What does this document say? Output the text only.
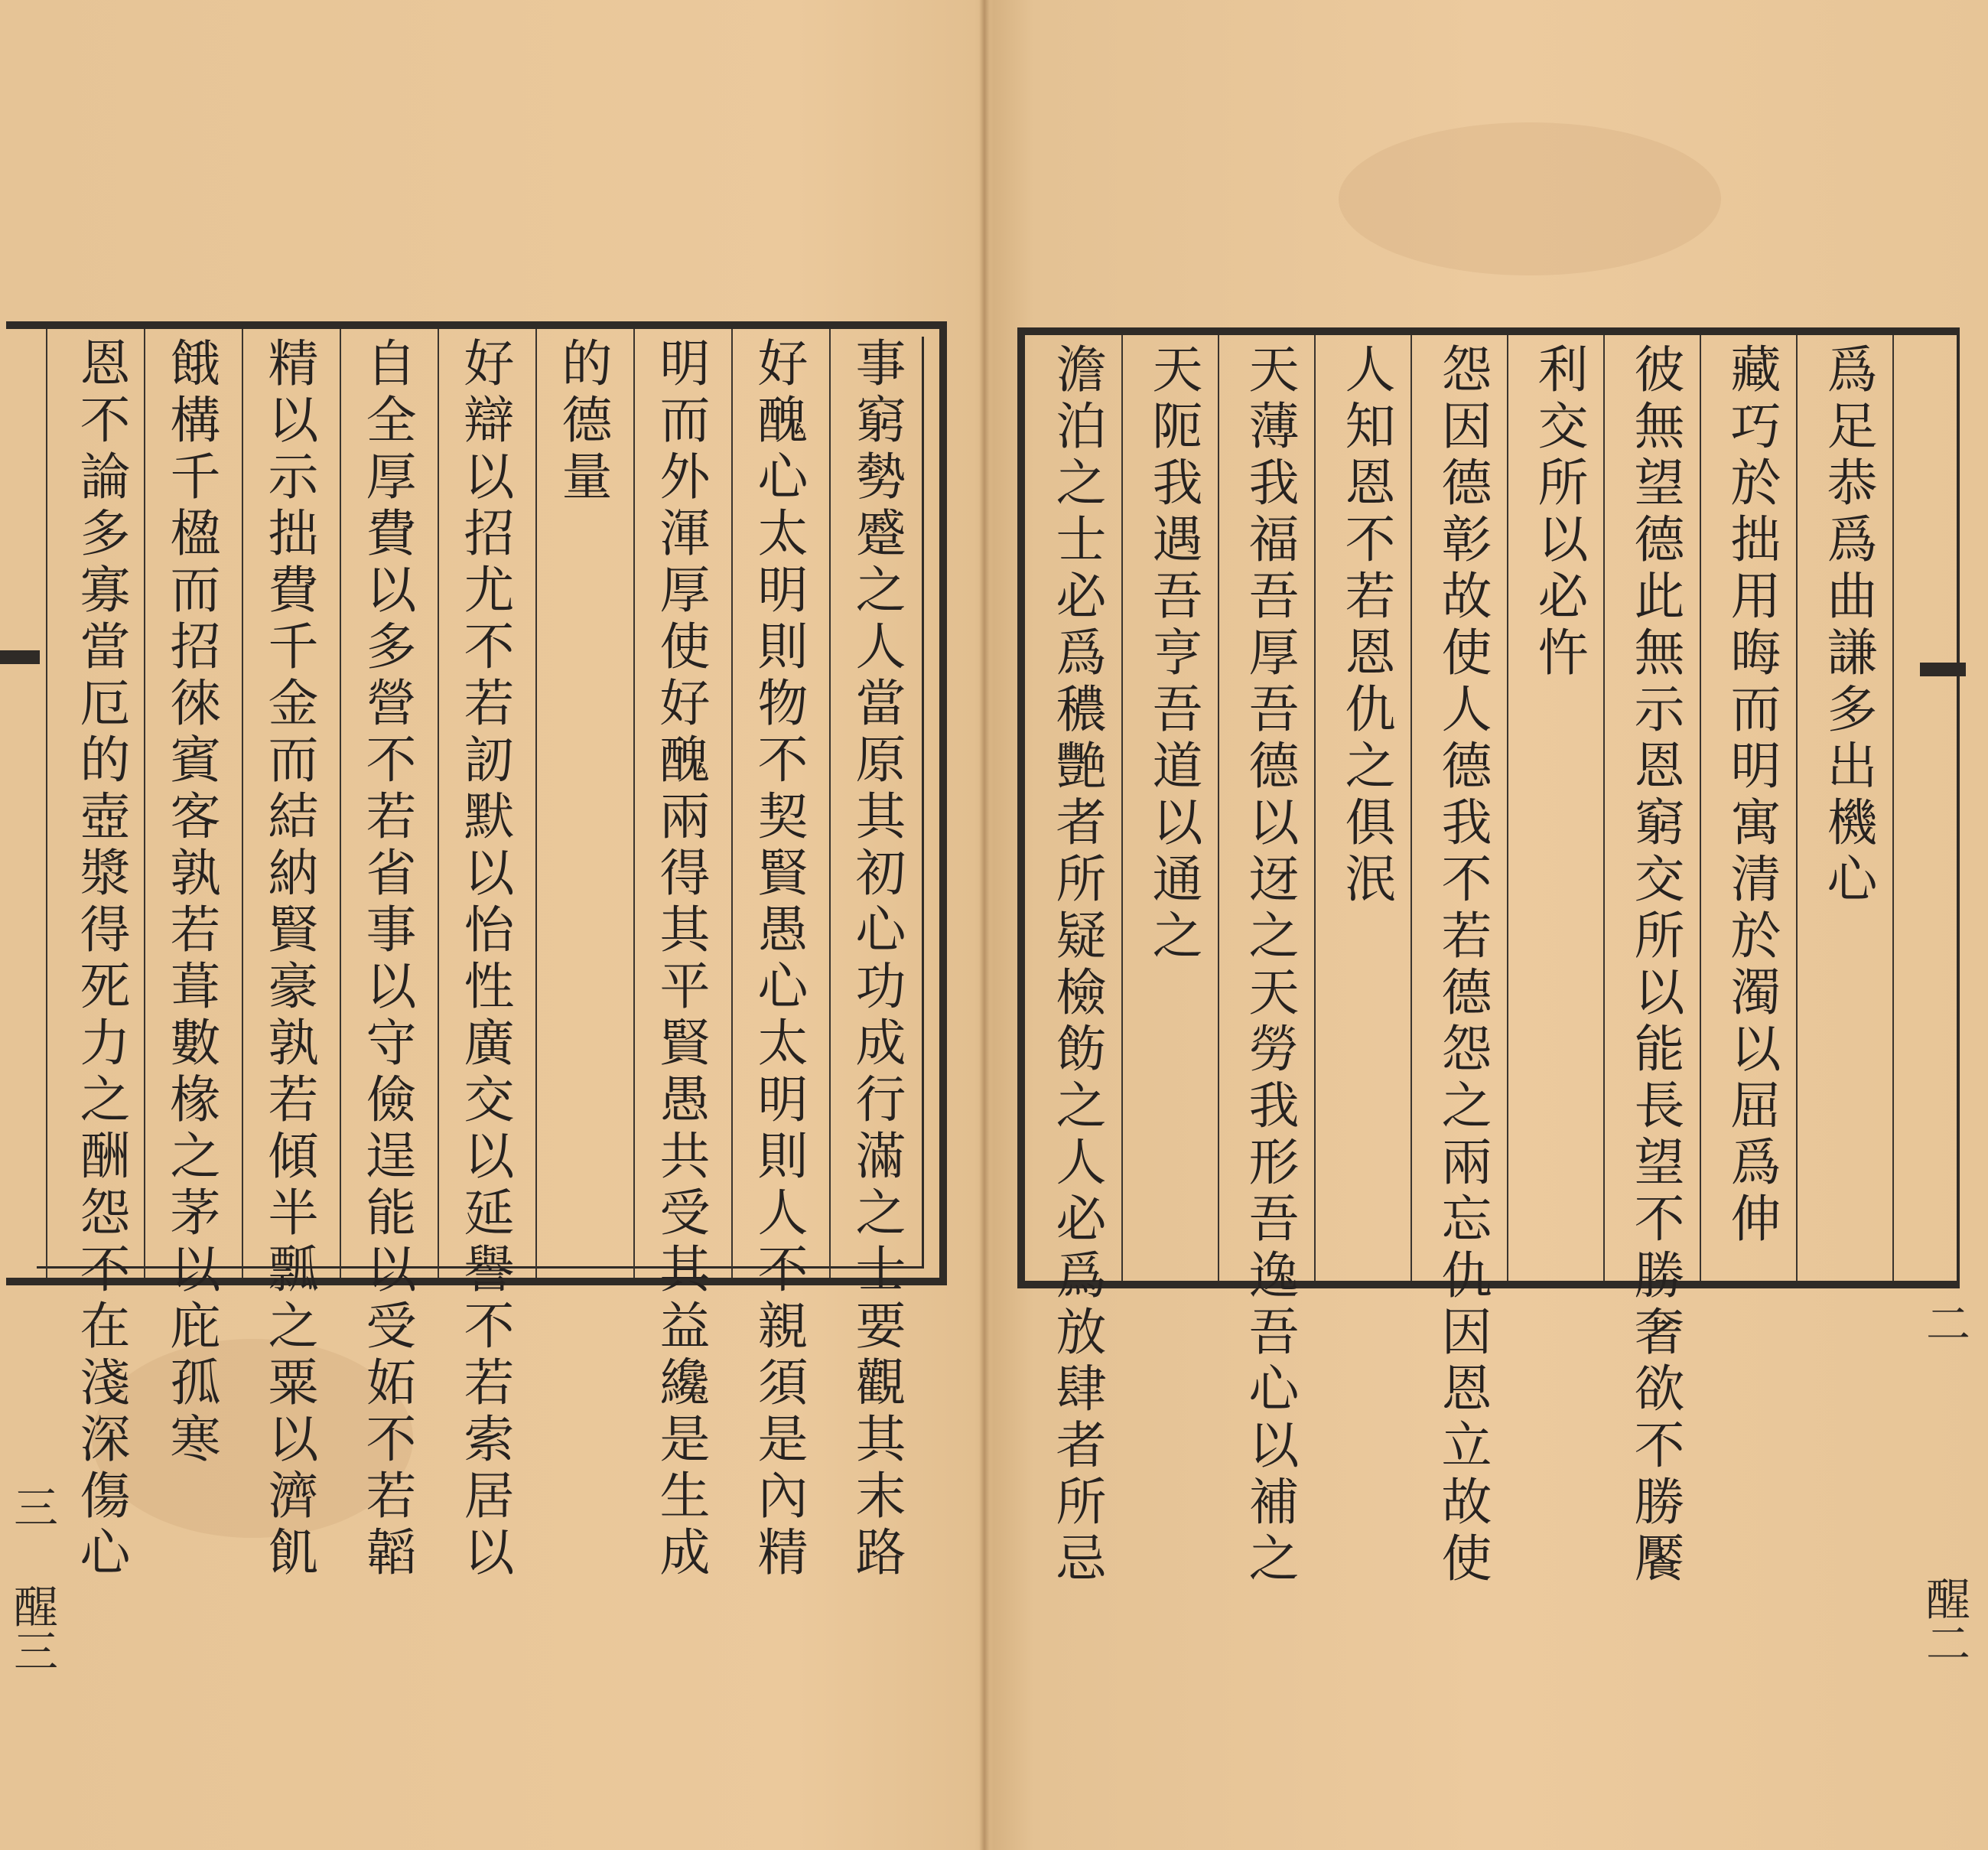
事窮勢蹙之人當原其初心功成行滿之士要觀其末路
好醜心太明則物不契賢愚心太明則人不親須是內精
明而外渾厚使好醜兩得其平賢愚共受其益纔是生成
的德量
好辯以招尤不若訒默以怡性廣交以延譽不若索居以
自全厚費以多營不若省事以守儉逞能以受妬不若韜
精以示拙費千金而結納賢豪孰若傾半瓢之粟以濟飢
餓構千楹而招徠賓客孰若葺數椽之茅以庇孤寒
恩不論多寡當厄的壺漿得死力之酬怨不在淺深傷心
三
醒三
爲足恭爲曲謙多出機心
藏巧於拙用晦而明寓清於濁以屈爲伸
彼無望德此無示恩窮交所以能長望不勝奢欲不勝饜
利交所以必忤
怨因德彰故使人德我不若德怨之兩忘仇因恩立故使
人知恩不若恩仇之俱泯
天薄我福吾厚吾德以迓之天勞我形吾逸吾心以補之
天阨我遇吾亨吾道以通之
澹泊之士必爲穠艷者所疑檢飭之人必爲放肆者所忌	二
醒二
